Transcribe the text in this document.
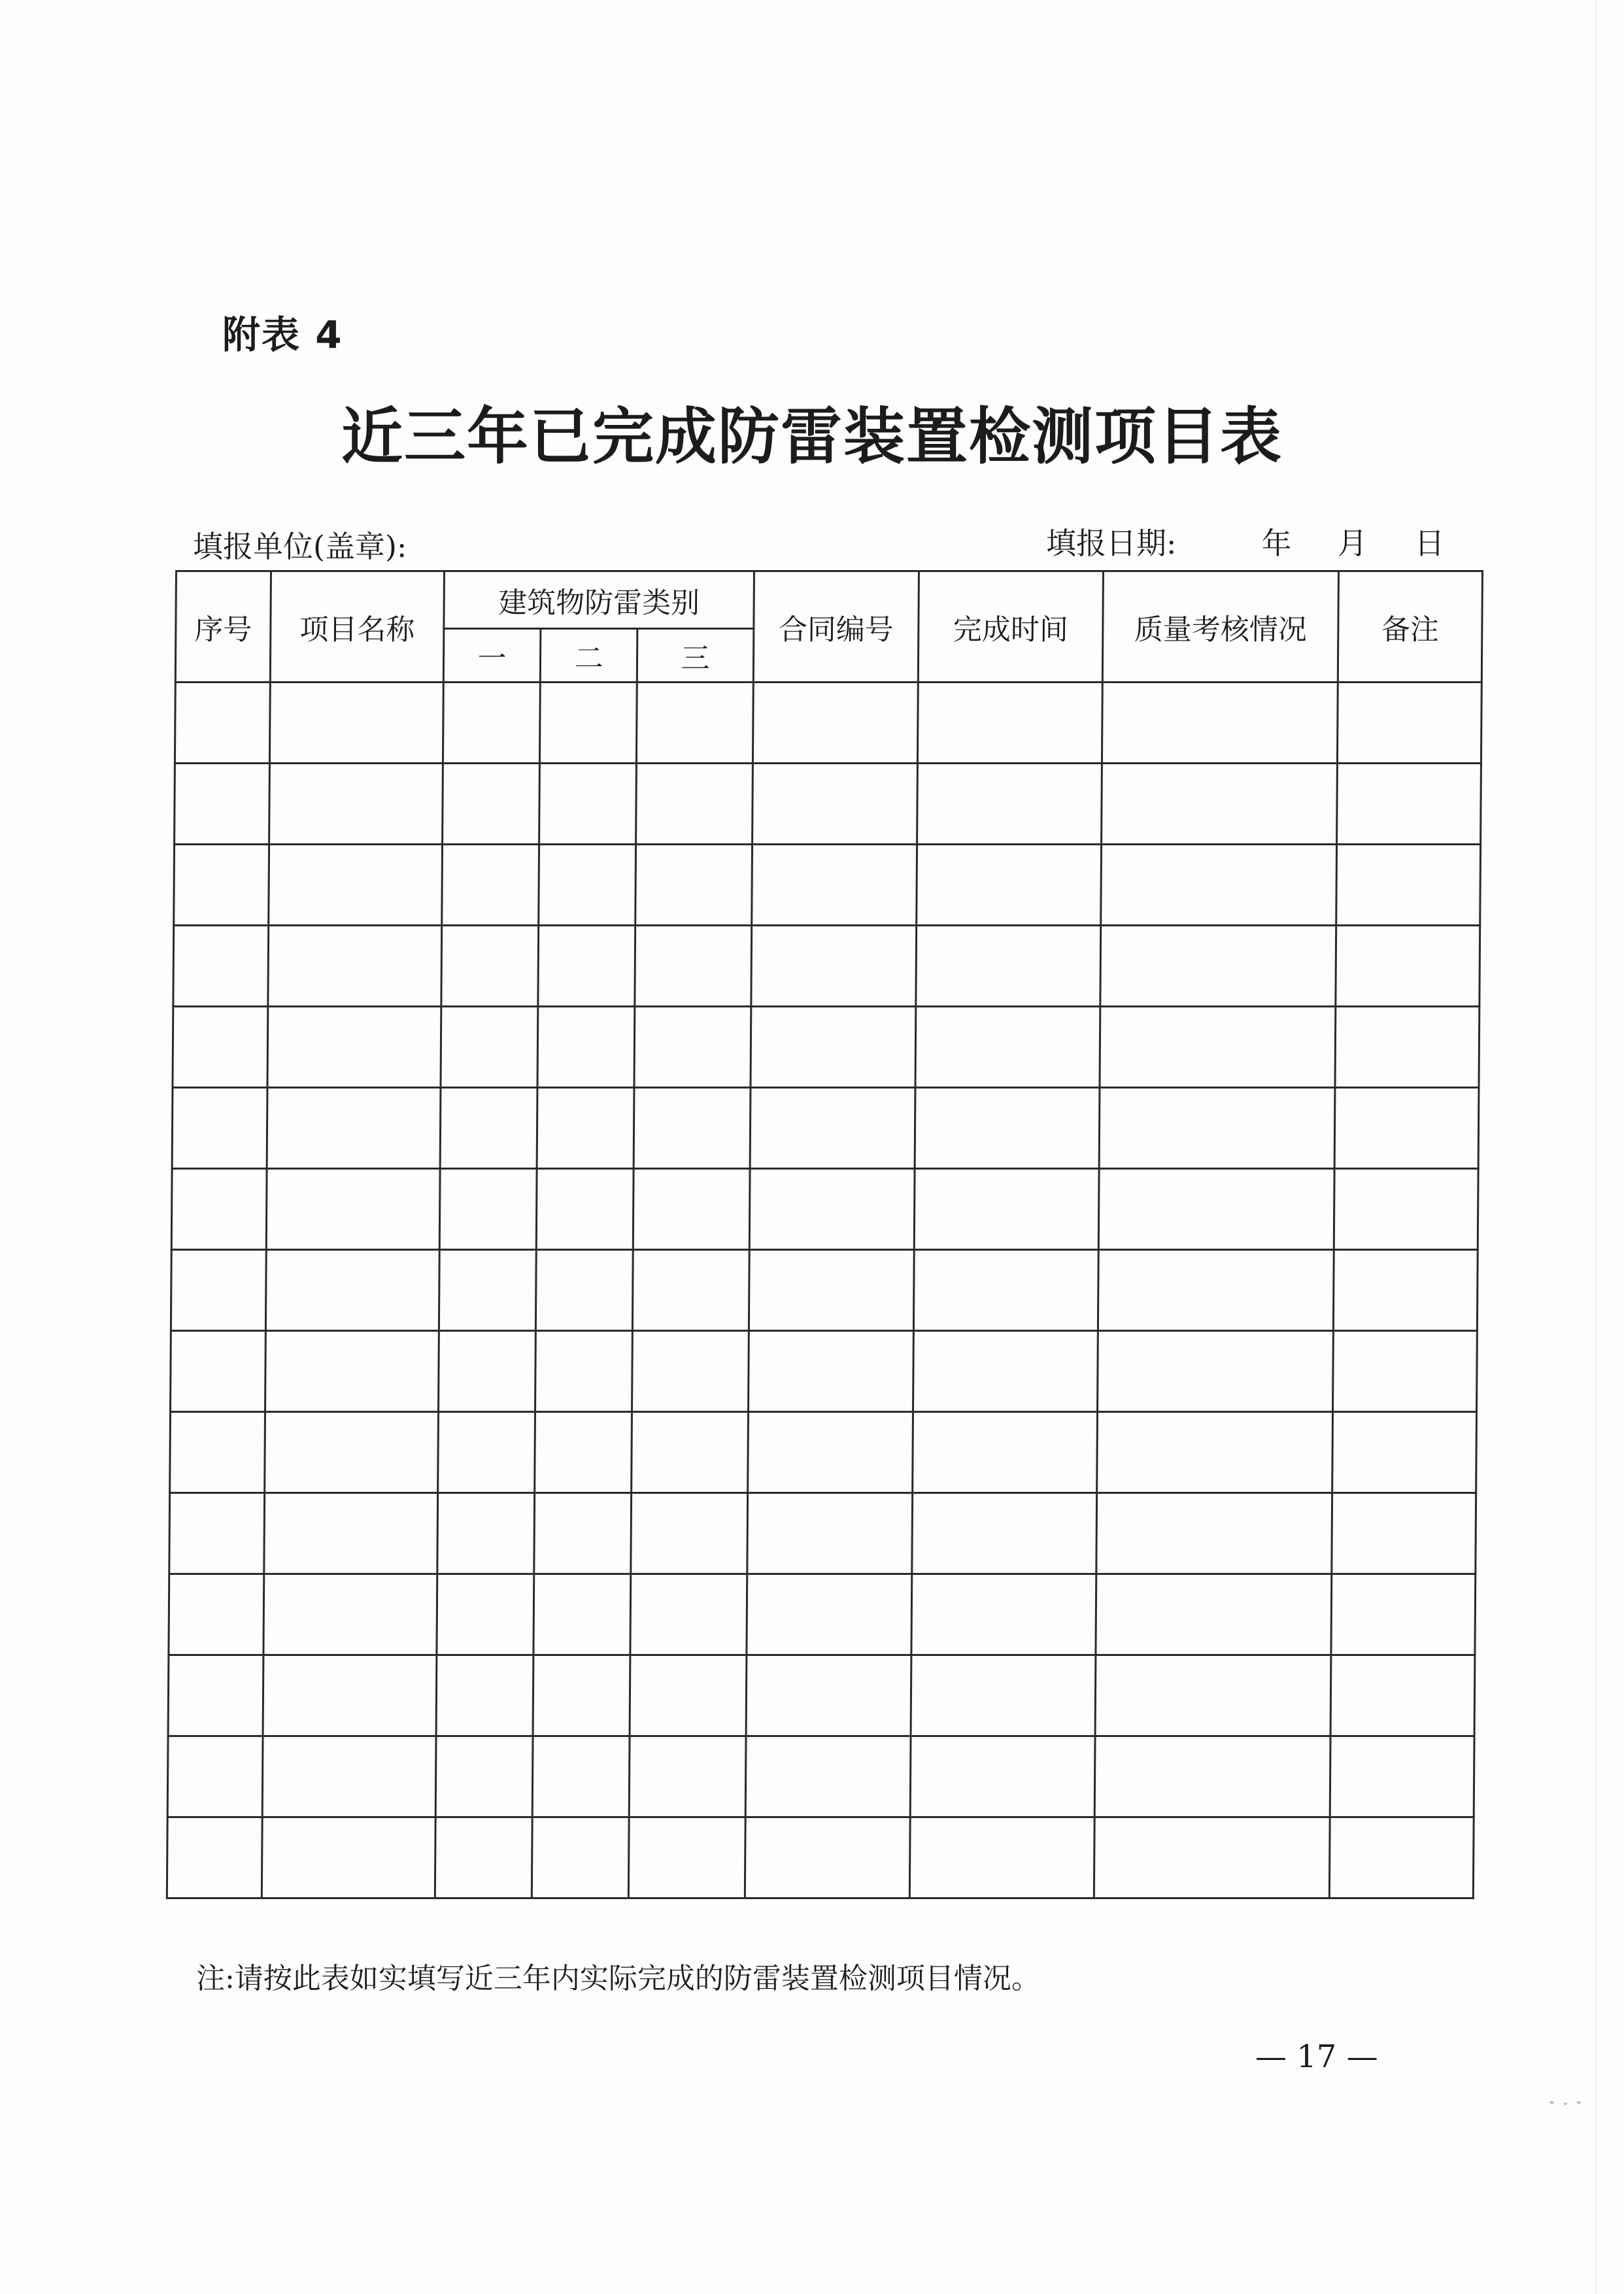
附表 4
近三年已完成防雷装置检测项目表
填报单位(盖章):	填报日期:	年 月 日
序号	项目名称	建筑物防雷类别			合同编号	完成时间	质量考核情况	备注
		一	二	三				

注:请按此表如实填写近三年内实际完成的防雷装置检测项目情况。
— 17 —
